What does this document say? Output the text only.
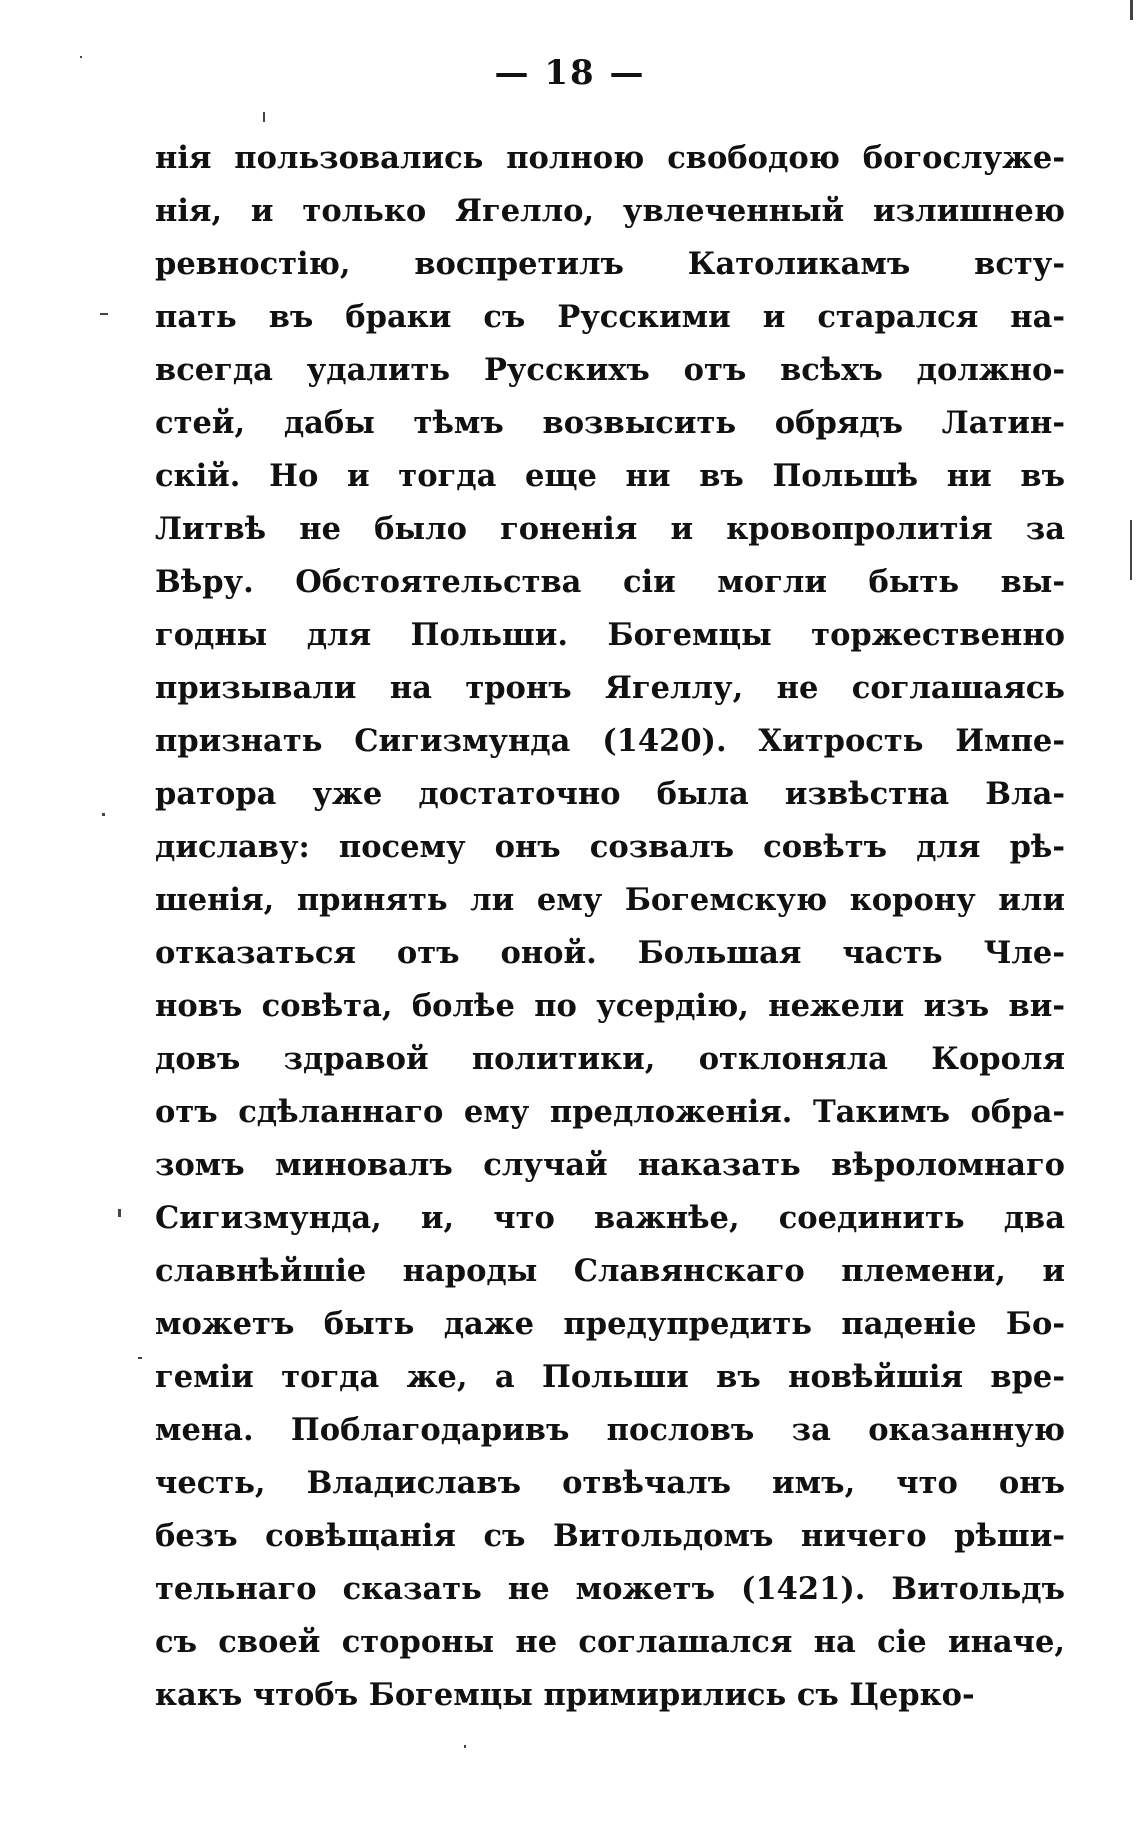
— 18 —
нія пользовались полною свободою богослуже-
нія, и только Ягелло, увлеченный излишнею
ревностію, воспретилъ Католикамъ всту-
пать въ браки съ Русскими и старался на-
всегда удалить Русскихъ отъ всѣхъ должно-
стей, дабы тѣмъ возвысить обрядъ Латин-
скій. Но и тогда еще ни въ Польшѣ ни въ
Литвѣ не было гоненія и кровопролитія за
Вѣру. Обстоятельства сіи могли быть вы-
годны для Польши. Богемцы торжественно
призывали на тронъ Ягеллу, не соглашаясь
признать Сигизмунда (1420). Хитрость Импе-
ратора уже достаточно была извѣстна Вла-
диславу: посему онъ созвалъ совѣтъ для рѣ-
шенія, принять ли ему Богемскую корону или
отказаться отъ оной. Большая часть Чле-
новъ совѣта, болѣе по усердію, нежели изъ ви-
довъ здравой политики, отклоняла Короля
отъ сдѣланнаго ему предложенія. Такимъ обра-
зомъ миновалъ случай наказать вѣроломнаго
Сигизмунда, и, что важнѣе, соединить два
славнѣйшіе народы Славянскаго племени, и
можетъ быть даже предупредить паденіе Бо-
геміи тогда же, а Польши въ новѣйшія вре-
мена. Поблагодаривъ пословъ за оказанную
честь, Владиславъ отвѣчалъ имъ, что онъ
безъ совѣщанія съ Витольдомъ ничего рѣши-
тельнаго сказать не можетъ (1421). Витольдъ
съ своей стороны не соглашался на сіе иначе,
какъ чтобъ Богемцы примирились съ Церко-
